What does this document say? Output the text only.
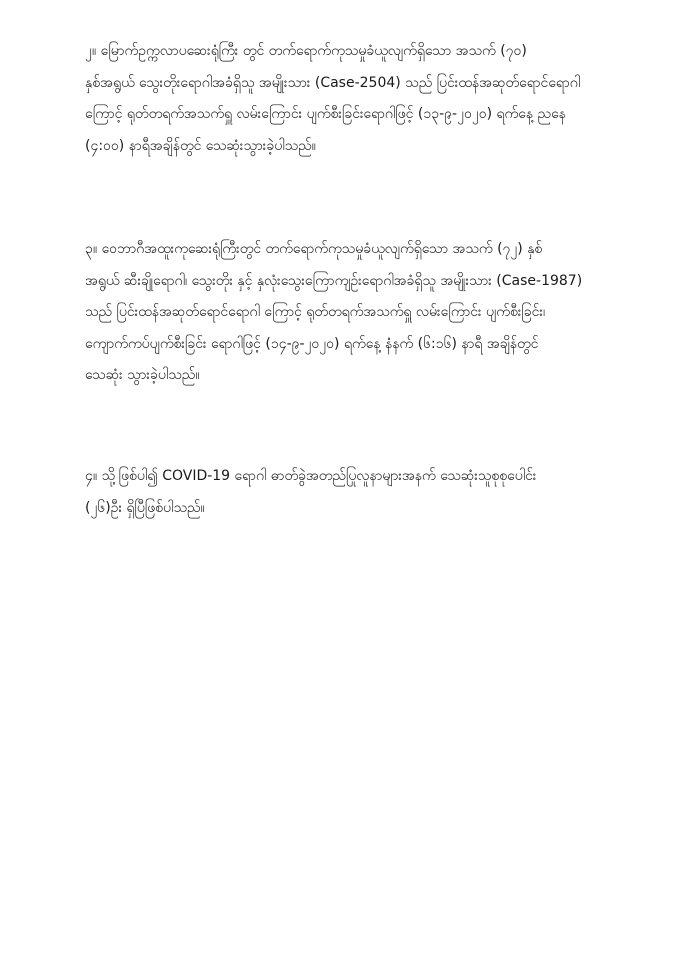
၂။ မြောက်ဥက္ကလာပဆေးရုံကြီး တွင် တက်ရောက်ကုသမှုခံယူလျက်ရှိသော အသက် (၇၀)
နှစ်အရွယ် သွေးတိုးရောဂါအခံရှိသူ အမျိုးသား (Case-2504) သည် ပြင်းထန်အဆုတ်ရောင်ရောဂါ
ကြောင့် ရုတ်တရက်အသက်ရှူ လမ်းကြောင်း ပျက်စီးခြင်းရောဂါဖြင့် (၁၃-၉-၂၀၂၀) ရက်နေ့ ညနေ
(၄:၀၀) နာရီအချိန်တွင် သေဆုံးသွားခဲ့ပါသည်။

၃။ ဝေဘာဂီအထူးကုဆေးရုံကြီးတွင် တက်ရောက်ကုသမှုခံယူလျက်ရှိသော အသက် (၇၂) နှစ်
အရွယ် ဆီးချိုရောဂါ၊ သွေးတိုး နှင့် နှလုံးသွေးကြောကျဉ်းရောဂါအခံရှိသူ အမျိုးသား (Case-1987)
သည် ပြင်းထန်အဆုတ်ရောင်ရောဂါ ကြောင့် ရုတ်တရက်အသက်ရှူ လမ်းကြောင်း ပျက်စီးခြင်း၊
ကျောက်ကပ်ပျက်စီးခြင်း ရောဂါဖြင့် (၁၄-၉-၂၀၂၀) ရက်နေ့ နံနက် (၆:၁၆) နာရီ အချိန်တွင်
သေဆုံး သွားခဲ့ပါသည်။

၄။ သို့ဖြစ်ပါ၍ COVID-19 ရောဂါ ဓာတ်ခွဲအတည်ပြုလူနာများအနက် သေဆုံးသူစုစုပေါင်း
(၂၆)ဦး ရှိပြီဖြစ်ပါသည်။
